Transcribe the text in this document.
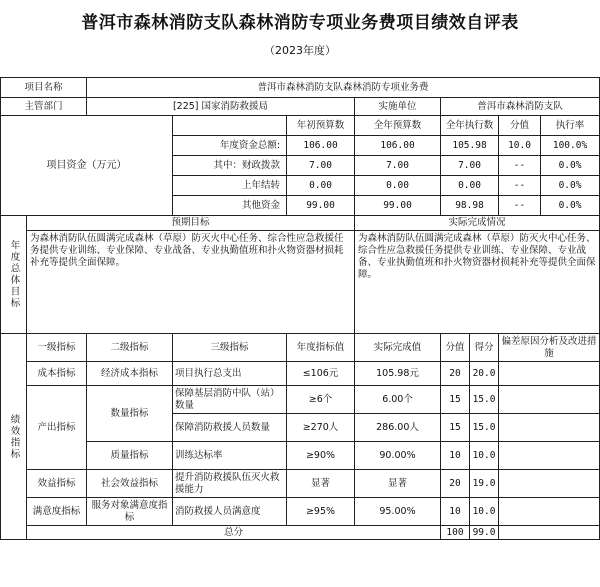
普洱市森林消防支队森林消防专项业务费项目绩效自评表
（2023年度）
项目名称		普洱市森林消防支队森林消防专项业务费							
主管部门		[225] 国家消防救援局			实施单位	普洱市森林消防支队			
项目资金（万元）				年初预算数	全年预算数	全年执行数		分值	执行率
			年度资金总额:	106.00	106.00	105.98		10.0	100.0%
			其中：财政拨款	7.00	7.00	7.00		--	0.0%
			上年结转	0.00	0.00	0.00		--	0.0%
			其他资金	99.00	99.00	98.98		--	0.0%
年度总体目标	预期目标				实际完成情况				
	为森林消防队伍圆满完成森林（草原）防灭火中心任务、综合性应急救援任务提供专业训练、专业保障、专业战备、专业执勤值班和扑火物资器材损耗补充等提供全面保障。				为森林消防队伍圆满完成森林（草原）防灭火中心任务、综合性应急救援任务提供专业训练、专业保障、专业战备、专业执勤值班和扑火物资器材损耗补充等提供全面保障。				
绩效指标	一级指标	二级指标	三级指标	年度指标值	实际完成值	分值	得分	偏差原因分析及改进措施	
	成本指标	经济成本指标	项目执行总支出	≤106元	105.98元	20	20.0		
	产出指标	数量指标	保障基层消防中队（站）数量	≥6个	6.00个	15	15.0		
			保障消防救援人员数量	≥270人	286.00人	15	15.0		
		质量指标	训练达标率	≥90%	90.00%	10	10.0		
	效益指标	社会效益指标	提升消防救援队伍灭火救援能力	显著	显著	20	19.0		
	满意度指标	服务对象满意度指标	消防救援人员满意度	≥95%	95.00%	10	10.0		
	总分					100	99.0		
